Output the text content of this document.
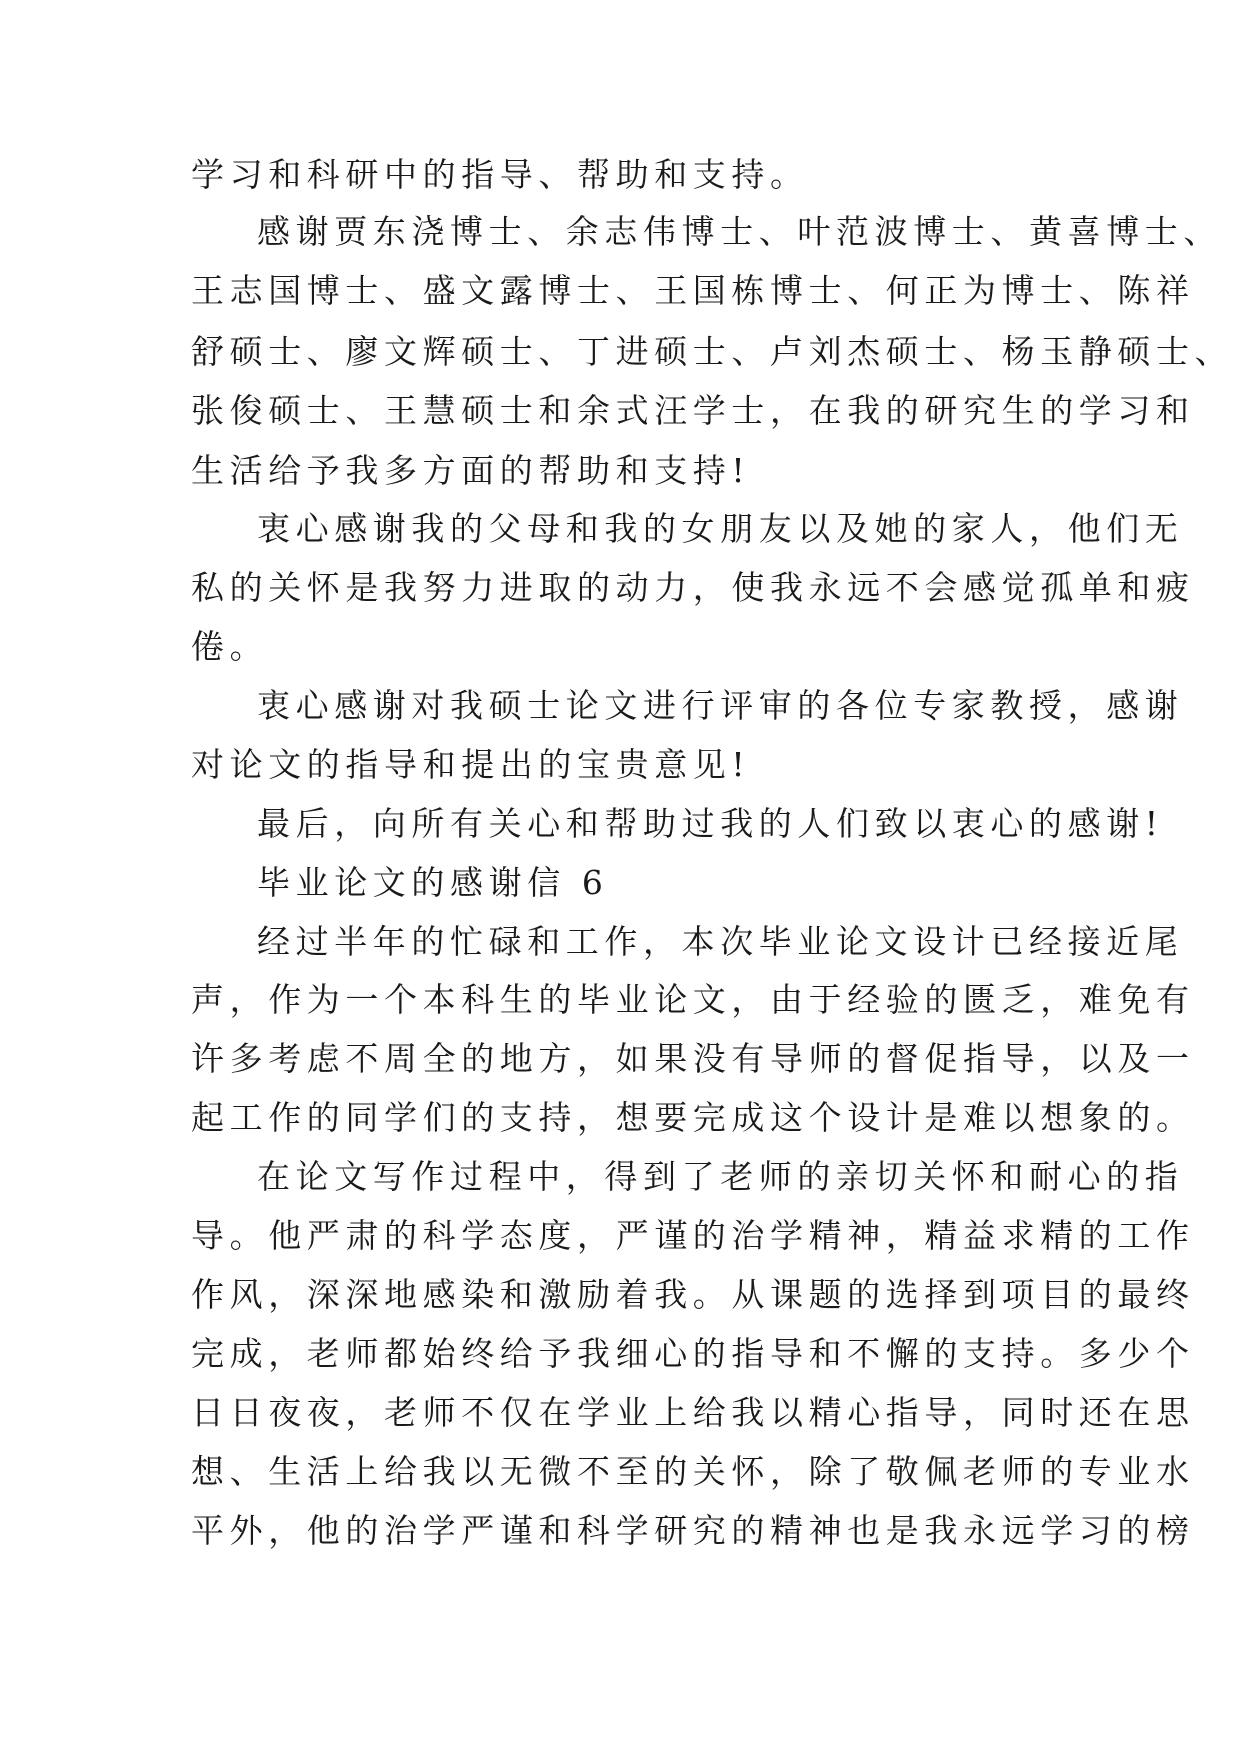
学习和科研中的指导、帮助和支持。

感谢贾东浇博士、余志伟博士、叶范波博士、黄喜博士、

王志国博士、盛文露博士、王国栋博士、何正为博士、陈祥

舒硕士、廖文辉硕士、丁进硕士、卢刘杰硕士、杨玉静硕士、

张俊硕士、王慧硕士和余式汪学士，在我的研究生的学习和

生活给予我多方面的帮助和支持!

衷心感谢我的父母和我的女朋友以及她的家人，他们无

私的关怀是我努力进取的动力，使我永远不会感觉孤单和疲

倦。

衷心感谢对我硕士论文进行评审的各位专家教授，感谢

对论文的指导和提出的宝贵意见!

最后，向所有关心和帮助过我的人们致以衷心的感谢!

毕业论文的感谢信 6

经过半年的忙碌和工作，本次毕业论文设计已经接近尾

声，作为一个本科生的毕业论文，由于经验的匮乏，难免有

许多考虑不周全的地方，如果没有导师的督促指导，以及一

起工作的同学们的支持，想要完成这个设计是难以想象的。

在论文写作过程中，得到了老师的亲切关怀和耐心的指

导。他严肃的科学态度，严谨的治学精神，精益求精的工作

作风，深深地感染和激励着我。从课题的选择到项目的最终

完成，老师都始终给予我细心的指导和不懈的支持。多少个

日日夜夜，老师不仅在学业上给我以精心指导，同时还在思

想、生活上给我以无微不至的关怀，除了敬佩老师的专业水

平外，他的治学严谨和科学研究的精神也是我永远学习的榜
